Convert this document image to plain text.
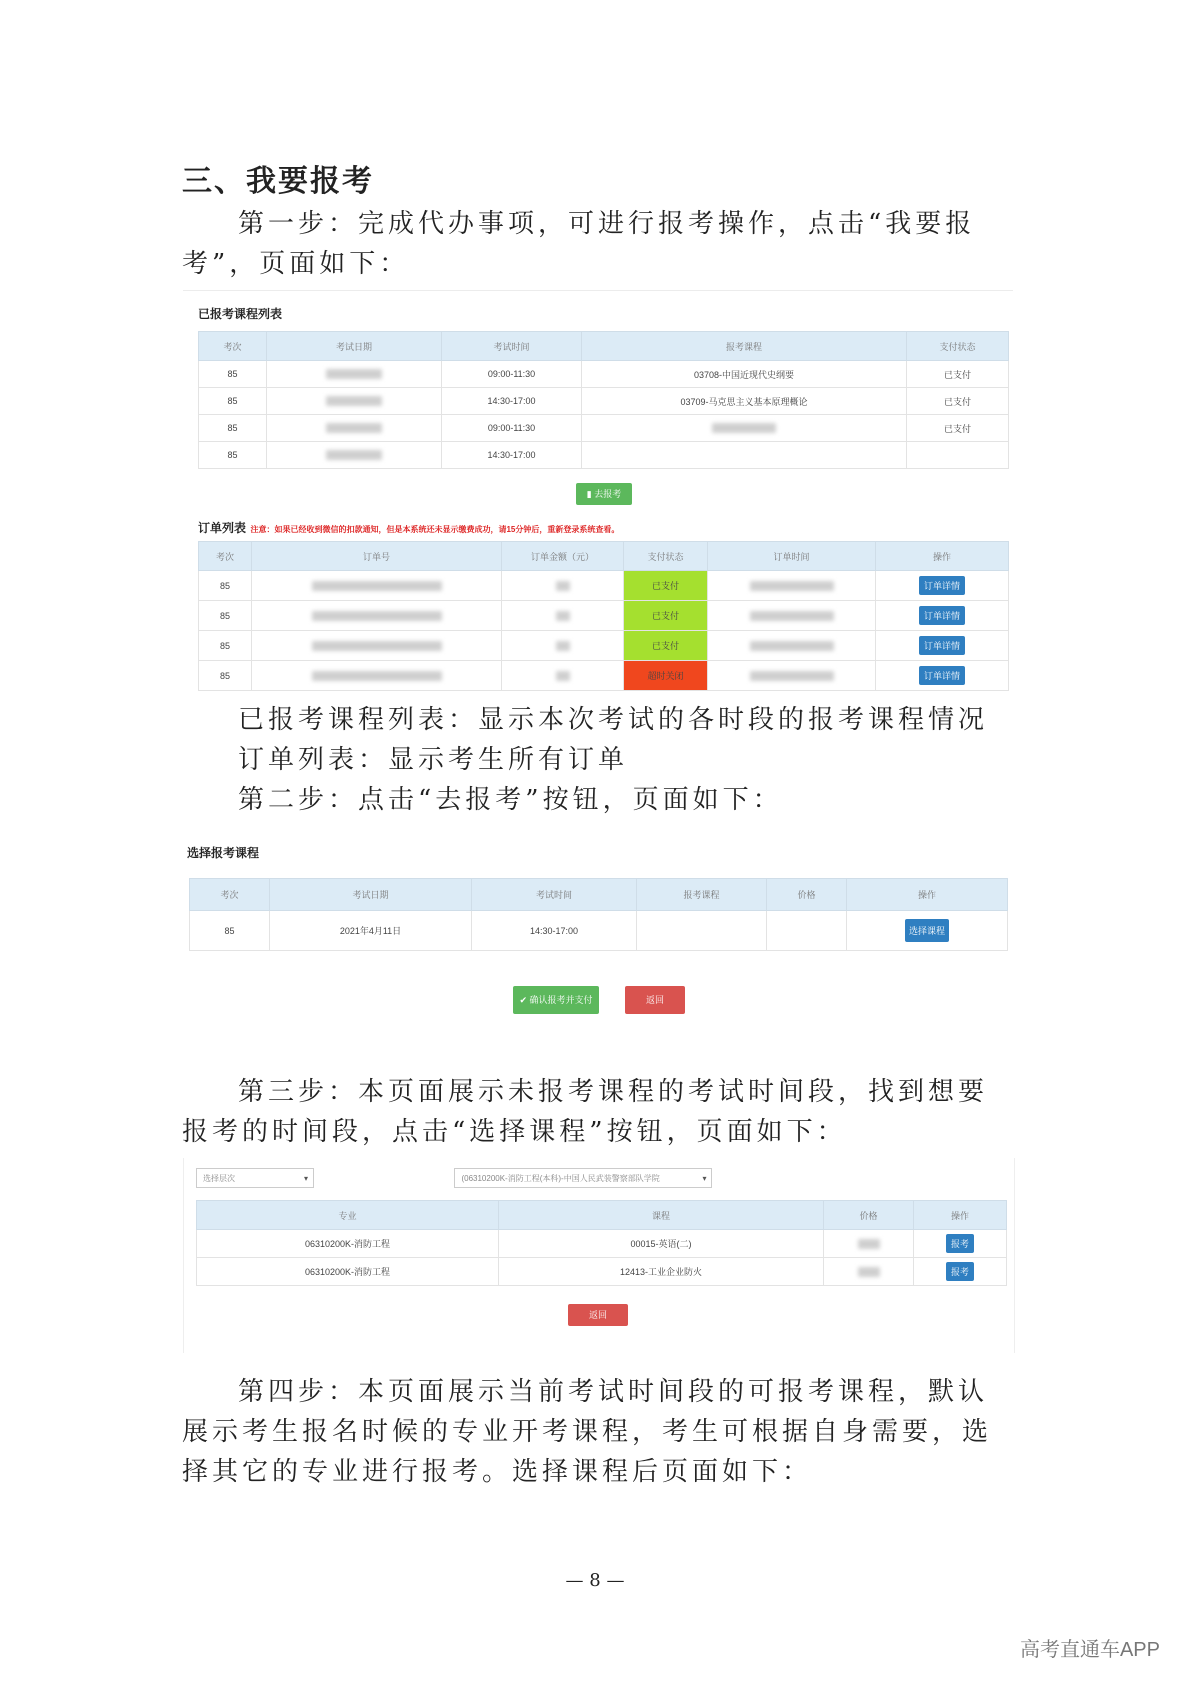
三、我要报考

第一步：完成代办事项，可进行报考操作，点击“我要报考”，页面如下：

已报考课程列表
考次	考试日期	考试时间	报考课程	支付状态
85		09:00-11:30	03708-中国近现代史纲要	已支付
85		14:30-17:00	03709-马克思主义基本原理概论	已支付
85		09:00-11:30		已支付
85		14:30-17:00		
▮ 去报考
订单列表 注意：如果已经收到微信的扣款通知，但是本系统还未显示缴费成功，请15分钟后，重新登录系统查看。
考次	订单号	订单金额（元）	支付状态	订单时间	操作
85			已支付		订单详情
85			已支付		订单详情
85			已支付		订单详情
85			超时关闭		订单详情

已报考课程列表：显示本次考试的各时段的报考课程情况

订单列表：显示考生所有订单

第二步：点击“去报考”按钮，页面如下：

选择报考课程
考次	考试日期	考试时间	报考课程	价格	操作
85	2021年4月11日	14:30-17:00			选择课程
✔ 确认报考并支付	返回

第三步：本页面展示未报考课程的考试时间段，找到想要报考的时间段，点击“选择课程”按钮，页面如下：

选择层次	▾	(06310200K-消防工程(本科)-中国人民武装警察部队学院	▾
专业	课程	价格	操作
06310200K-消防工程	00015-英语(二)		报考
06310200K-消防工程	12413-工业企业防火		报考
返回

第四步：本页面展示当前考试时间段的可报考课程，默认展示考生报名时候的专业开考课程，考生可根据自身需要，选择其它的专业进行报考。选择课程后页面如下：

— 8 —
高考直通车APP
